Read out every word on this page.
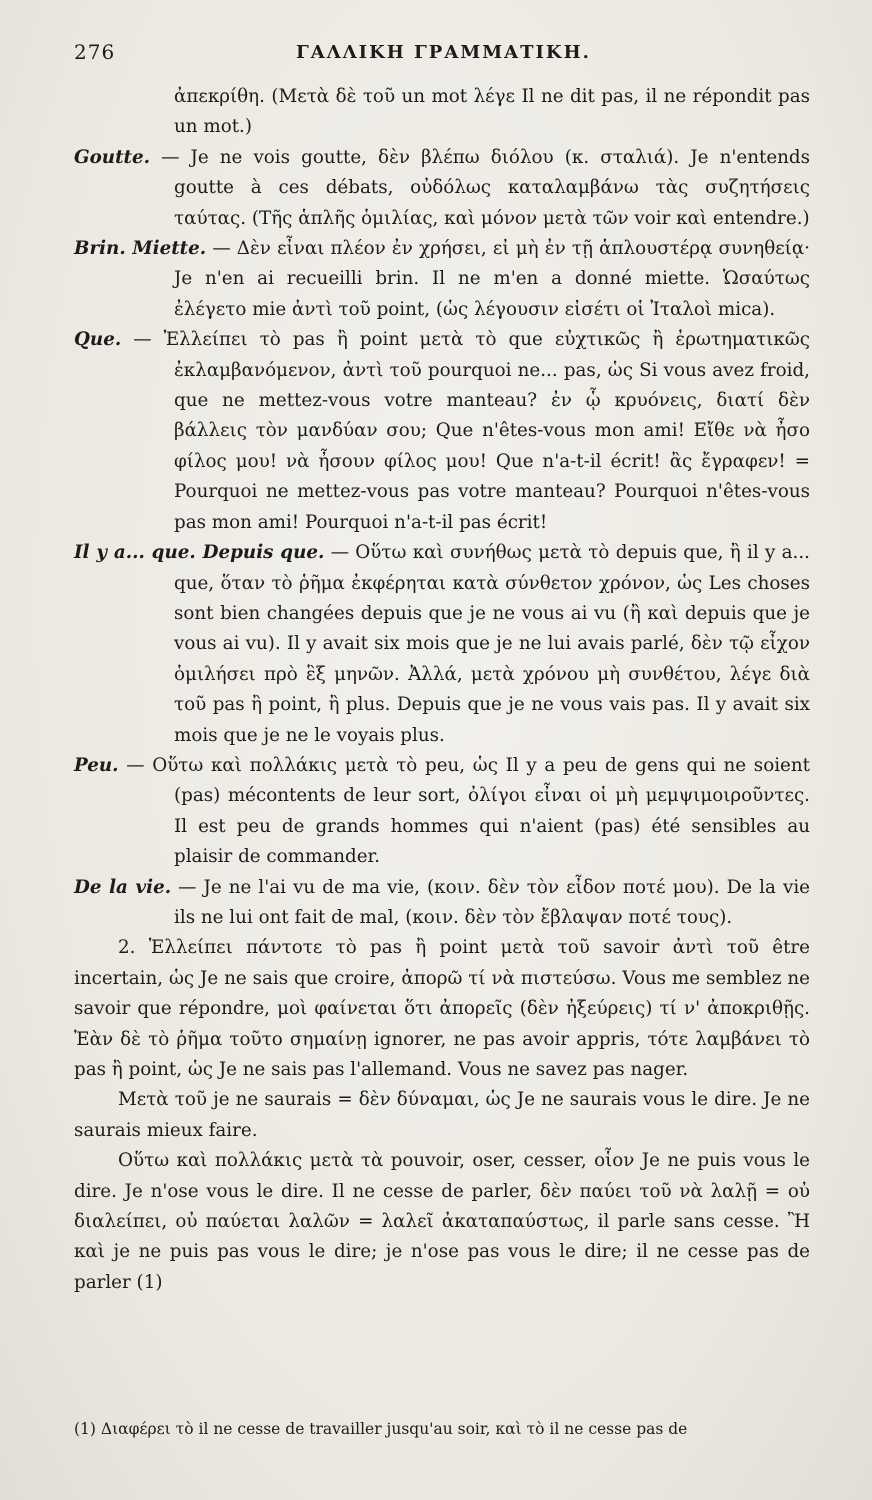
276	ΓΑΛΛΙΚΗ ΓΡΑΜΜΑΤΙΚΗ.

ἀπεκρίθη. (Μετὰ δὲ τοῦ un mot λέγε Il ne dit pas, il ne répondit pas un mot.)

Goutte. — Je ne vois goutte, δὲν βλέπω διόλου (κ. σταλιά). Je n'entends goutte à ces débats, οὐδόλως καταλαμβάνω τὰς συζητήσεις ταύτας. (Τῆς ἁπλῆς ὁμιλίας, καὶ μόνον μετὰ τῶν voir καὶ entendre.)

Brin. Miette. — Δὲν εἶναι πλέον ἐν χρήσει, εἰ μὴ ἐν τῇ ἁπλουστέρᾳ συνηθείᾳ· Je n'en ai recueilli brin. Il ne m'en a donné miette. Ὡσαύτως ἐλέγετο mie ἀντὶ τοῦ point, (ὡς λέγουσιν εἰσέτι οἱ Ἰταλοὶ mica).

Que. — Ἐλλείπει τὸ pas ἢ point μετὰ τὸ que εὐχτικῶς ἢ ἐρωτηματικῶς ἐκλαμβανόμενον, ἀντὶ τοῦ pourquoi ne... pas, ὡς Si vous avez froid, que ne mettez-vous votre manteau? ἐν ᾧ κρυόνεις, διατί δὲν βάλλεις τὸν μανδύαν σου; Que n'êtes-vous mon ami! Εἴθε νὰ ἦσο φίλος μου! νὰ ἦσουν φίλος μου! Que n'a-t-il écrit! ἂς ἔγραφεν! = Pourquoi ne mettez-vous pas votre manteau? Pourquoi n'êtes-vous pas mon ami! Pourquoi n'a-t-il pas écrit!

Il y a... que. Depuis que. — Οὕτω καὶ συνήθως μετὰ τὸ depuis que, ἢ il y a... que, ὅταν τὸ ῥῆμα ἐκφέρηται κατὰ σύνθετον χρόνον, ὡς Les choses sont bien changées depuis que je ne vous ai vu (ἢ καὶ depuis que je vous ai vu). Il y avait six mois que je ne lui avais parlé, δὲν τῷ εἶχον ὁμιλήσει πρὸ ἓξ μηνῶν. Ἀλλά, μετὰ χρόνου μὴ συνθέτου, λέγε διὰ τοῦ pas ἢ point, ἢ plus. Depuis que je ne vous vais pas. Il y avait six mois que je ne le voyais plus.

Peu. — Οὕτω καὶ πολλάκις μετὰ τὸ peu, ὡς Il y a peu de gens qui ne soient (pas) mécontents de leur sort, ὀλίγοι εἶναι οἱ μὴ μεμψιμοιροῦντες. Il est peu de grands hommes qui n'aient (pas) été sensibles au plaisir de commander.

De la vie. — Je ne l'ai vu de ma vie, (κοιν. δὲν τὸν εἶδον ποτέ μου). De la vie ils ne lui ont fait de mal, (κοιν. δὲν τὸν ἔβλαψαν ποτέ τους).

2. Ἐλλείπει πάντοτε τὸ pas ἢ point μετὰ τοῦ savoir ἀντὶ τοῦ être incertain, ὡς Je ne sais que croire, ἀπορῶ τί νὰ πιστεύσω. Vous me semblez ne savoir que répondre, μοὶ φαίνεται ὅτι ἀπορεῖς (δὲν ἠξεύρεις) τί ν' ἀποκριθῇς. Ἐὰν δὲ τὸ ῥῆμα τοῦτο σημαίνῃ ignorer, ne pas avoir appris, τότε λαμβάνει τὸ pas ἢ point, ὡς Je ne sais pas l'allemand. Vous ne savez pas nager.

Μετὰ τοῦ je ne saurais = δὲν δύναμαι, ὡς Je ne saurais vous le dire. Je ne saurais mieux faire.

Οὕτω καὶ πολλάκις μετὰ τὰ pouvoir, oser, cesser, οἷον Je ne puis vous le dire. Je n'ose vous le dire. Il ne cesse de parler, δὲν παύει τοῦ νὰ λαλῇ = οὐ διαλείπει, οὐ παύεται λαλῶν = λαλεῖ ἀκαταπαύστως, il parle sans cesse. Ἢ καὶ je ne puis pas vous le dire; je n'ose pas vous le dire; il ne cesse pas de parler (1)

(1) Διαφέρει τὸ il ne cesse de travailler jusqu'au soir, καὶ τὸ il ne cesse pas de
